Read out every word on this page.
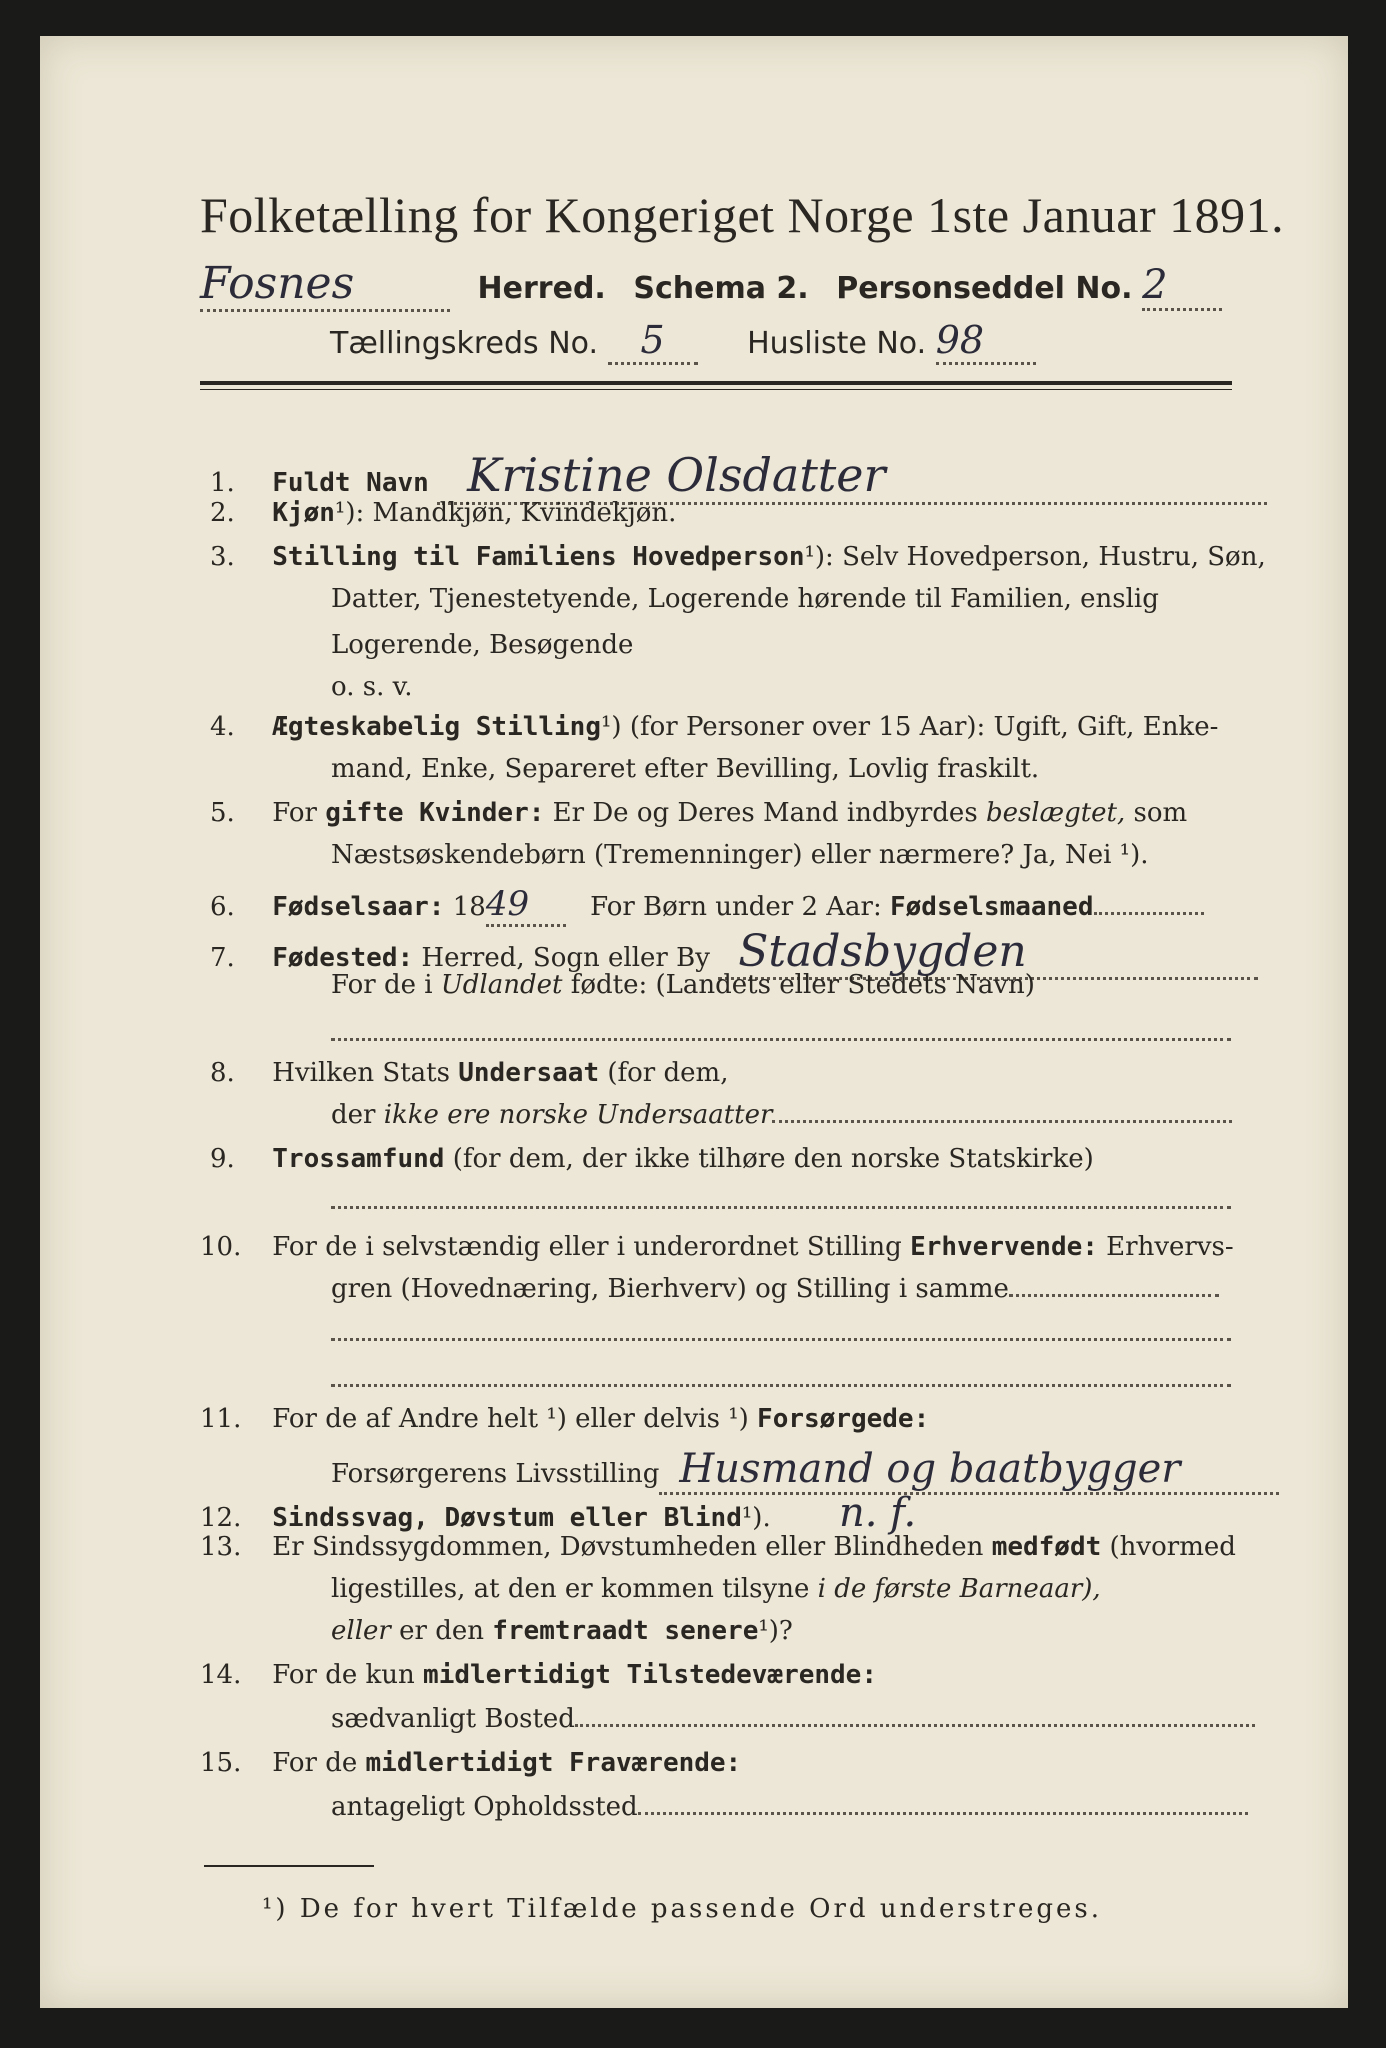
Folketælling for Kongeriget Norge 1ste Januar 1891.
Fosnes	Herred. Schema 2. Personseddel No. 2
Tællingskreds No. 5	Husliste No. 98
1. Fuldt Navn Kristine Olsdatter
2. Kjøn¹): Mandkjøn, Kvindekjøn.
3. Stilling til Familiens Hovedperson¹): Selv Hovedperson, Hustru, Søn,
Datter, Tjenestetyende, Logerende hørende til Familien, enslig
Logerende, Besøgende
o. s. v.
4. Ægteskabelig Stilling¹) (for Personer over 15 Aar): Ugift, Gift, Enke-
mand, Enke, Separeret efter Bevilling, Lovlig fraskilt.
5. For gifte Kvinder: Er De og Deres Mand indbyrdes beslægtet, som
Næstsøskendebørn (Tremenninger) eller nærmere? Ja, Nei ¹).
6. Fødselsaar: 1849 For Børn under 2 Aar: Fødselsmaaned
7. Fødested: Herred, Sogn eller By Stadsbygden
For de i Udlandet fødte: (Landets eller Stedets Navn)
8. Hvilken Stats Undersaat (for dem,
der ikke ere norske Undersaatter
9. Trossamfund (for dem, der ikke tilhøre den norske Statskirke)
10. For de i selvstændig eller i underordnet Stilling Erhvervende: Erhvervs-
gren (Hovednæring, Bierhverv) og Stilling i samme
11. For de af Andre helt ¹) eller delvis ¹) Forsørgede:
Forsørgerens Livsstilling Husmand og baatbygger
12. Sindssvag, Døvstum eller Blind¹). n. f.
13. Er Sindssygdommen, Døvstumheden eller Blindheden medfødt (hvormed
ligestilles, at den er kommen tilsyne i de første Barneaar),
eller er den fremtraadt senere¹)?
14. For de kun midlertidigt Tilstedeværende:
sædvanligt Bosted
15. For de midlertidigt Fraværende:
antageligt Opholdssted
¹) De for hvert Tilfælde passende Ord understreges.
